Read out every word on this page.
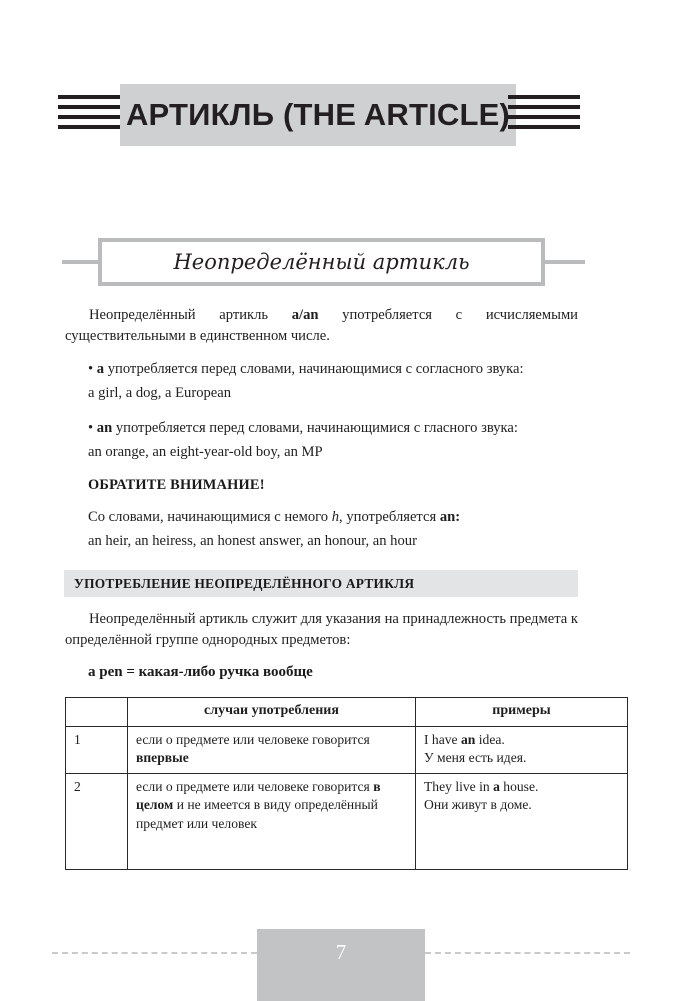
АРТИКЛЬ (THE ARTICLE)
Неопределённый артикль

Неопределённый артикль a/an употребляется с исчисляемыми существительными в единственном числе.

• a употребляется перед словами, начинающимися с согласного звука:

a girl, a dog, a European

• an употребляется перед словами, начинающимися с гласного звука:

an orange, an eight-year-old boy, an MP

ОБРАТИТЕ ВНИМАНИЕ!

Со словами, начинающимися с немого h, употребляется an:

an heir, an heiress, an honest answer, an honour, an hour

УПОТРЕБЛЕНИЕ НЕОПРЕДЕЛЁННОГО АРТИКЛЯ

Неопределённый артикль служит для указания на принадлежность предмета к определённой группе однородных предметов:

a pen = какая-либо ручка вообще

	случаи употребления	примеры
1	если о предмете или человеке говорится впервые	I have an idea.
У меня есть идея.
2	если о предмете или человеке говорится в целом и не имеется в виду определённый предмет или человек	They live in a house.
Они живут в доме.
7
